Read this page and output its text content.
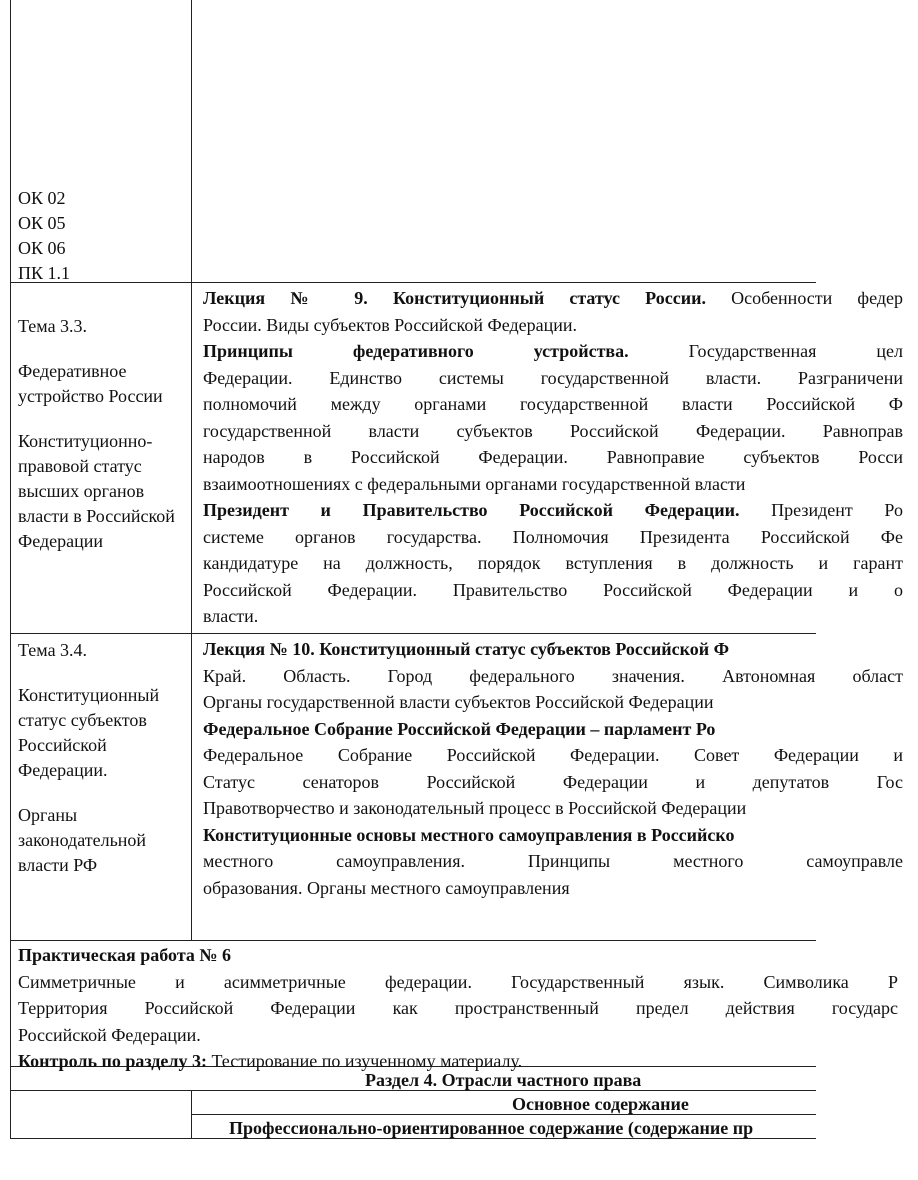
ОК 02
ОК 05
ОК 06
ПК 1.1

Тема 3.3.

Федеративное устройство России

Конституционно-правовой статус высших органов власти в Российской Федерации

Лекция № 9. Конституционный статус России. Особенности федер
России. Виды субъектов Российской Федерации.
Принципы федеративного устройства. Государственная цел
Федерации. Единство системы государственной власти. Разграничени
полномочий между органами государственной власти Российской Ф
государственной власти субъектов Российской Федерации. Равноправ
народов в Российской Федерации. Равноправие субъектов Росси
взаимоотношениях с федеральными органами государственной власти
Президент и Правительство Российской Федерации. Президент Ро
системе органов государства. Полномочия Президента Российской Фе
кандидатуре на должность, порядок вступления в должность и гарант
Российской Федерации. Правительство Российской Федерации и о
власти.

Тема 3.4.

Конституционный статус субъектов Российской Федерации.

Органы законодательной власти РФ

Лекция № 10. Конституционный статус субъектов Российской Ф
Край. Область. Город федерального значения. Автономная област
Органы государственной власти субъектов Российской Федерации
Федеральное Собрание Российской Федерации – парламент Ро
Федеральное Собрание Российской Федерации. Совет Федерации и
Статус сенаторов Российской Федерации и депутатов Гос
Правотворчество и законодательный процесс в Российской Федерации
Конституционные основы местного самоуправления в Российско
местного самоуправления. Принципы местного самоуправле
образования. Органы местного самоуправления
Практическая работа № 6
Симметричные и асимметричные федерации. Государственный язык. Символика Р
Территория Российской Федерации как пространственный предел действия государс
Российской Федерации.
Контроль по разделу 3: Тестирование по изученному материалу.
Раздел 4. Отрасли частного права
Основное содержание
Профессионально-ориентированное содержание (содержание пр
